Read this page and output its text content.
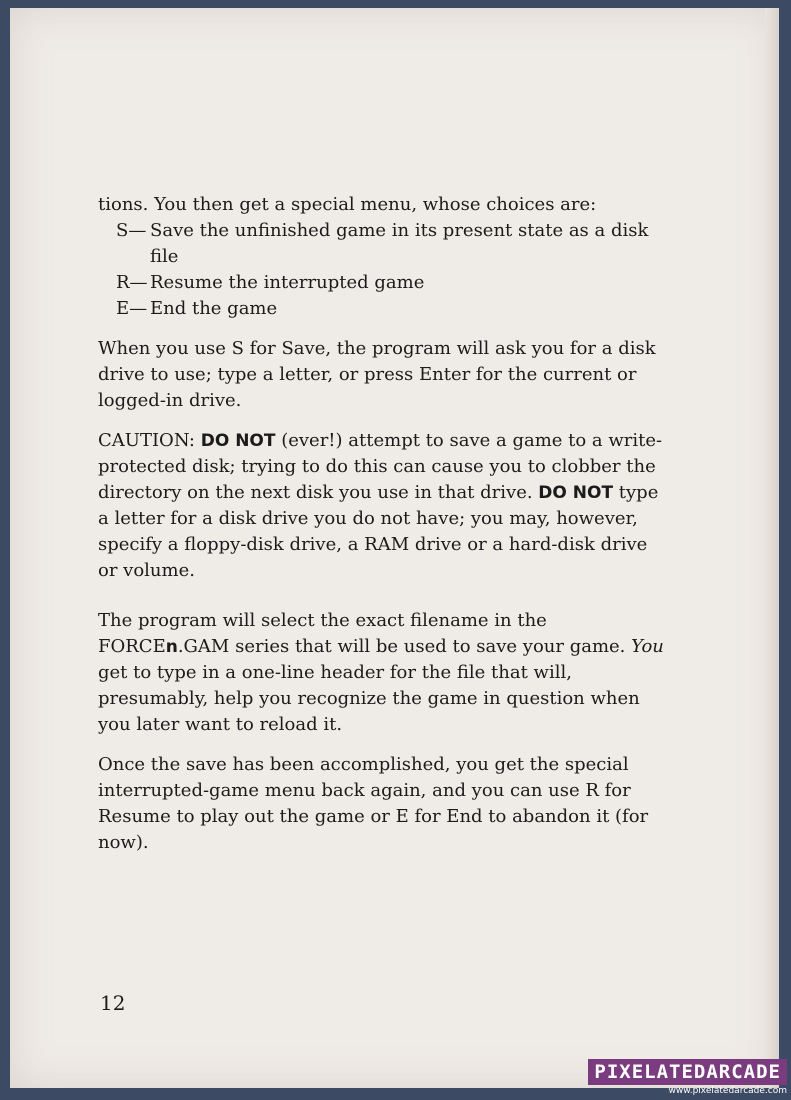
tions. You then get a special menu, whose choices are:

S— Save the unfinished game in its present state as a disk file
R— Resume the interrupted game
E— End the game

When you use S for Save, the program will ask you for a disk drive to use; type a letter, or press Enter for the current or logged-in drive.

CAUTION: DO NOT (ever!) attempt to save a game to a write-protected disk; trying to do this can cause you to clobber the directory on the next disk you use in that drive. DO NOT type a letter for a disk drive you do not have; you may, however, specify a floppy-disk drive, a RAM drive or a hard-disk drive or volume.

The program will select the exact filename in the FORCEn.GAM series that will be used to save your game. You get to type in a one-line header for the file that will, presumably, help you recognize the game in question when you later want to reload it.

Once the save has been accomplished, you get the special interrupted-game menu back again, and you can use R for Resume to play out the game or E for End to abandon it (for now).

12
PIXELATEDARCADE
www.pixelatedarcade.com
